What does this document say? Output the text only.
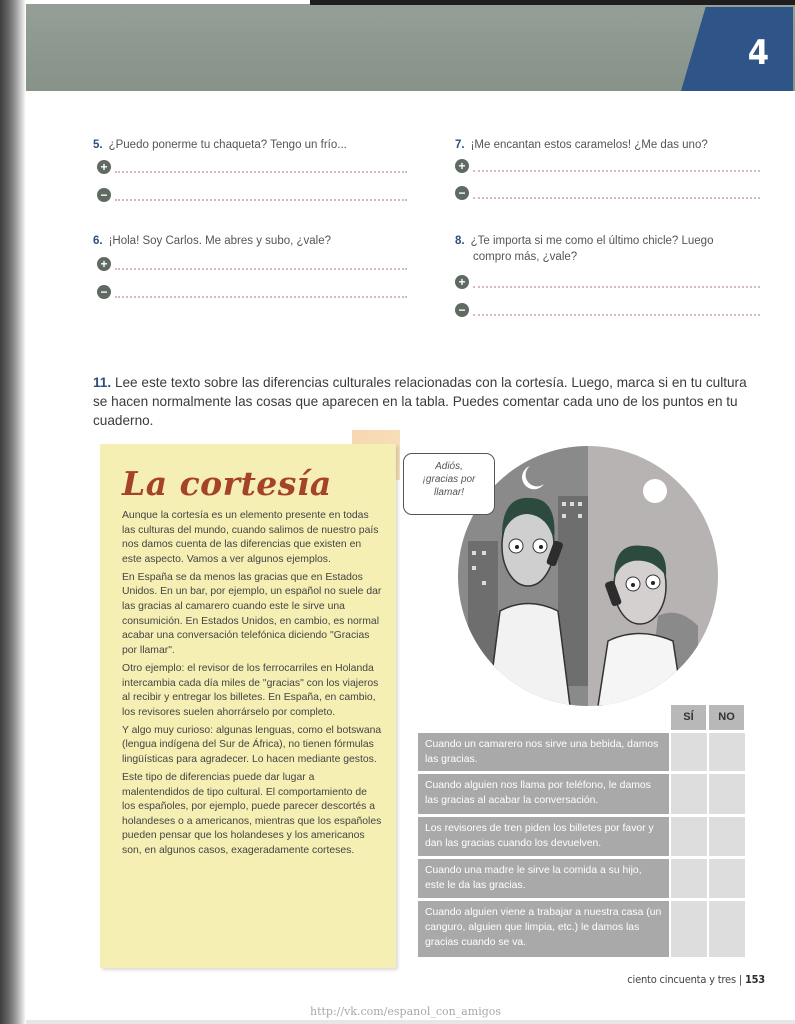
4
5. ¿Puedo ponerme tu chaqueta? Tengo un frío...
+
−
6. ¡Hola! Soy Carlos. Me abres y subo, ¿vale?
+
−
7. ¡Me encantan estos caramelos! ¿Me das uno?
+
−
8. ¿Te importa si me como el último chicle? Luego
compro más, ¿vale?
+
−
11. Lee este texto sobre las diferencias culturales relacionadas con la cortesía. Luego, marca si en tu cultura se hacen normalmente las cosas que aparecen en la tabla. Puedes comentar cada uno de los puntos en tu cuaderno.
La cortesía

Aunque la cortesía es un elemento presente en todas las culturas del mundo, cuando salimos de nuestro país nos damos cuenta de las diferencias que existen en este aspecto. Vamos a ver algunos ejemplos.

En España se da menos las gracias que en Estados Unidos. En un bar, por ejemplo, un español no suele dar las gracias al camarero cuando este le sirve una consumición. En Estados Unidos, en cambio, es normal acabar una conversación telefónica diciendo "Gracias por llamar".

Otro ejemplo: el revisor de los ferrocarriles en Holanda intercambia cada día miles de "gracias" con los viajeros al recibir y entregar los billetes. En España, en cambio, los revisores suelen ahorrárselo por completo.

Y algo muy curioso: algunas lenguas, como el botswana (lengua indígena del Sur de África), no tienen fórmulas lingüísticas para agradecer. Lo hacen mediante gestos.

Este tipo de diferencias puede dar lugar a malentendidos de tipo cultural. El comportamiento de los españoles, por ejemplo, puede parecer descortés a holandeses o a americanos, mientras que los españoles pueden pensar que los holandeses y los americanos son, en algunos casos, exageradamente corteses.

Adiós,
¡gracias por
llamar!
SÍ	NO
Cuando un camarero nos sirve una bebida, damos las gracias.
Cuando alguien nos llama por teléfono, le damos las gracias al acabar la conversación.
Los revisores de tren piden los billetes por favor y dan las gracias cuando los devuelven.
Cuando una madre le sirve la comida a su hijo, este le da las gracias.
Cuando alguien viene a trabajar a nuestra casa (un canguro, alguien que limpia, etc.) le damos las gracias cuando se va.
ciento cincuenta y tres | 153
http://vk.com/espanol_con_amigos
